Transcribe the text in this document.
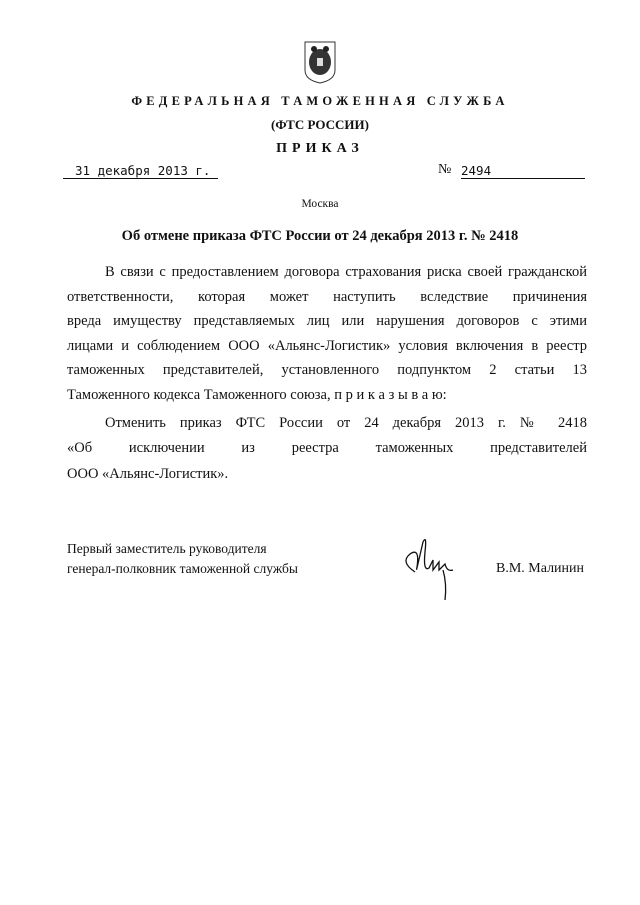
ФЕДЕРАЛЬНАЯ ТАМОЖЕННАЯ СЛУЖБА
(ФТС РОССИИ)
ПРИКАЗ
31 декабря 2013 г.	№ 2494
Москва
Об отмене приказа ФТС России от 24 декабря 2013 г. № 2418
В связи с предоставлением договора страхования риска своей гражданской
ответственности, которая может наступить вследствие причинения
вреда имуществу представляемых лиц или нарушения договоров с этими
лицами и соблюдением ООО «Альянс-Логистик» условия включения в реестр
таможенных представителей, установленного подпунктом 2 статьи 13
Таможенного кодекса Таможенного союза, п р и к а з ы в а ю:
Отменить приказ ФТС России от 24 декабря 2013 г. № 2418
«Об исключении из реестра таможенных представителей
ООО «Альянс-Логистик».
Первый заместитель руководителя
генерал-полковник таможенной службы	В.М. Малинин
